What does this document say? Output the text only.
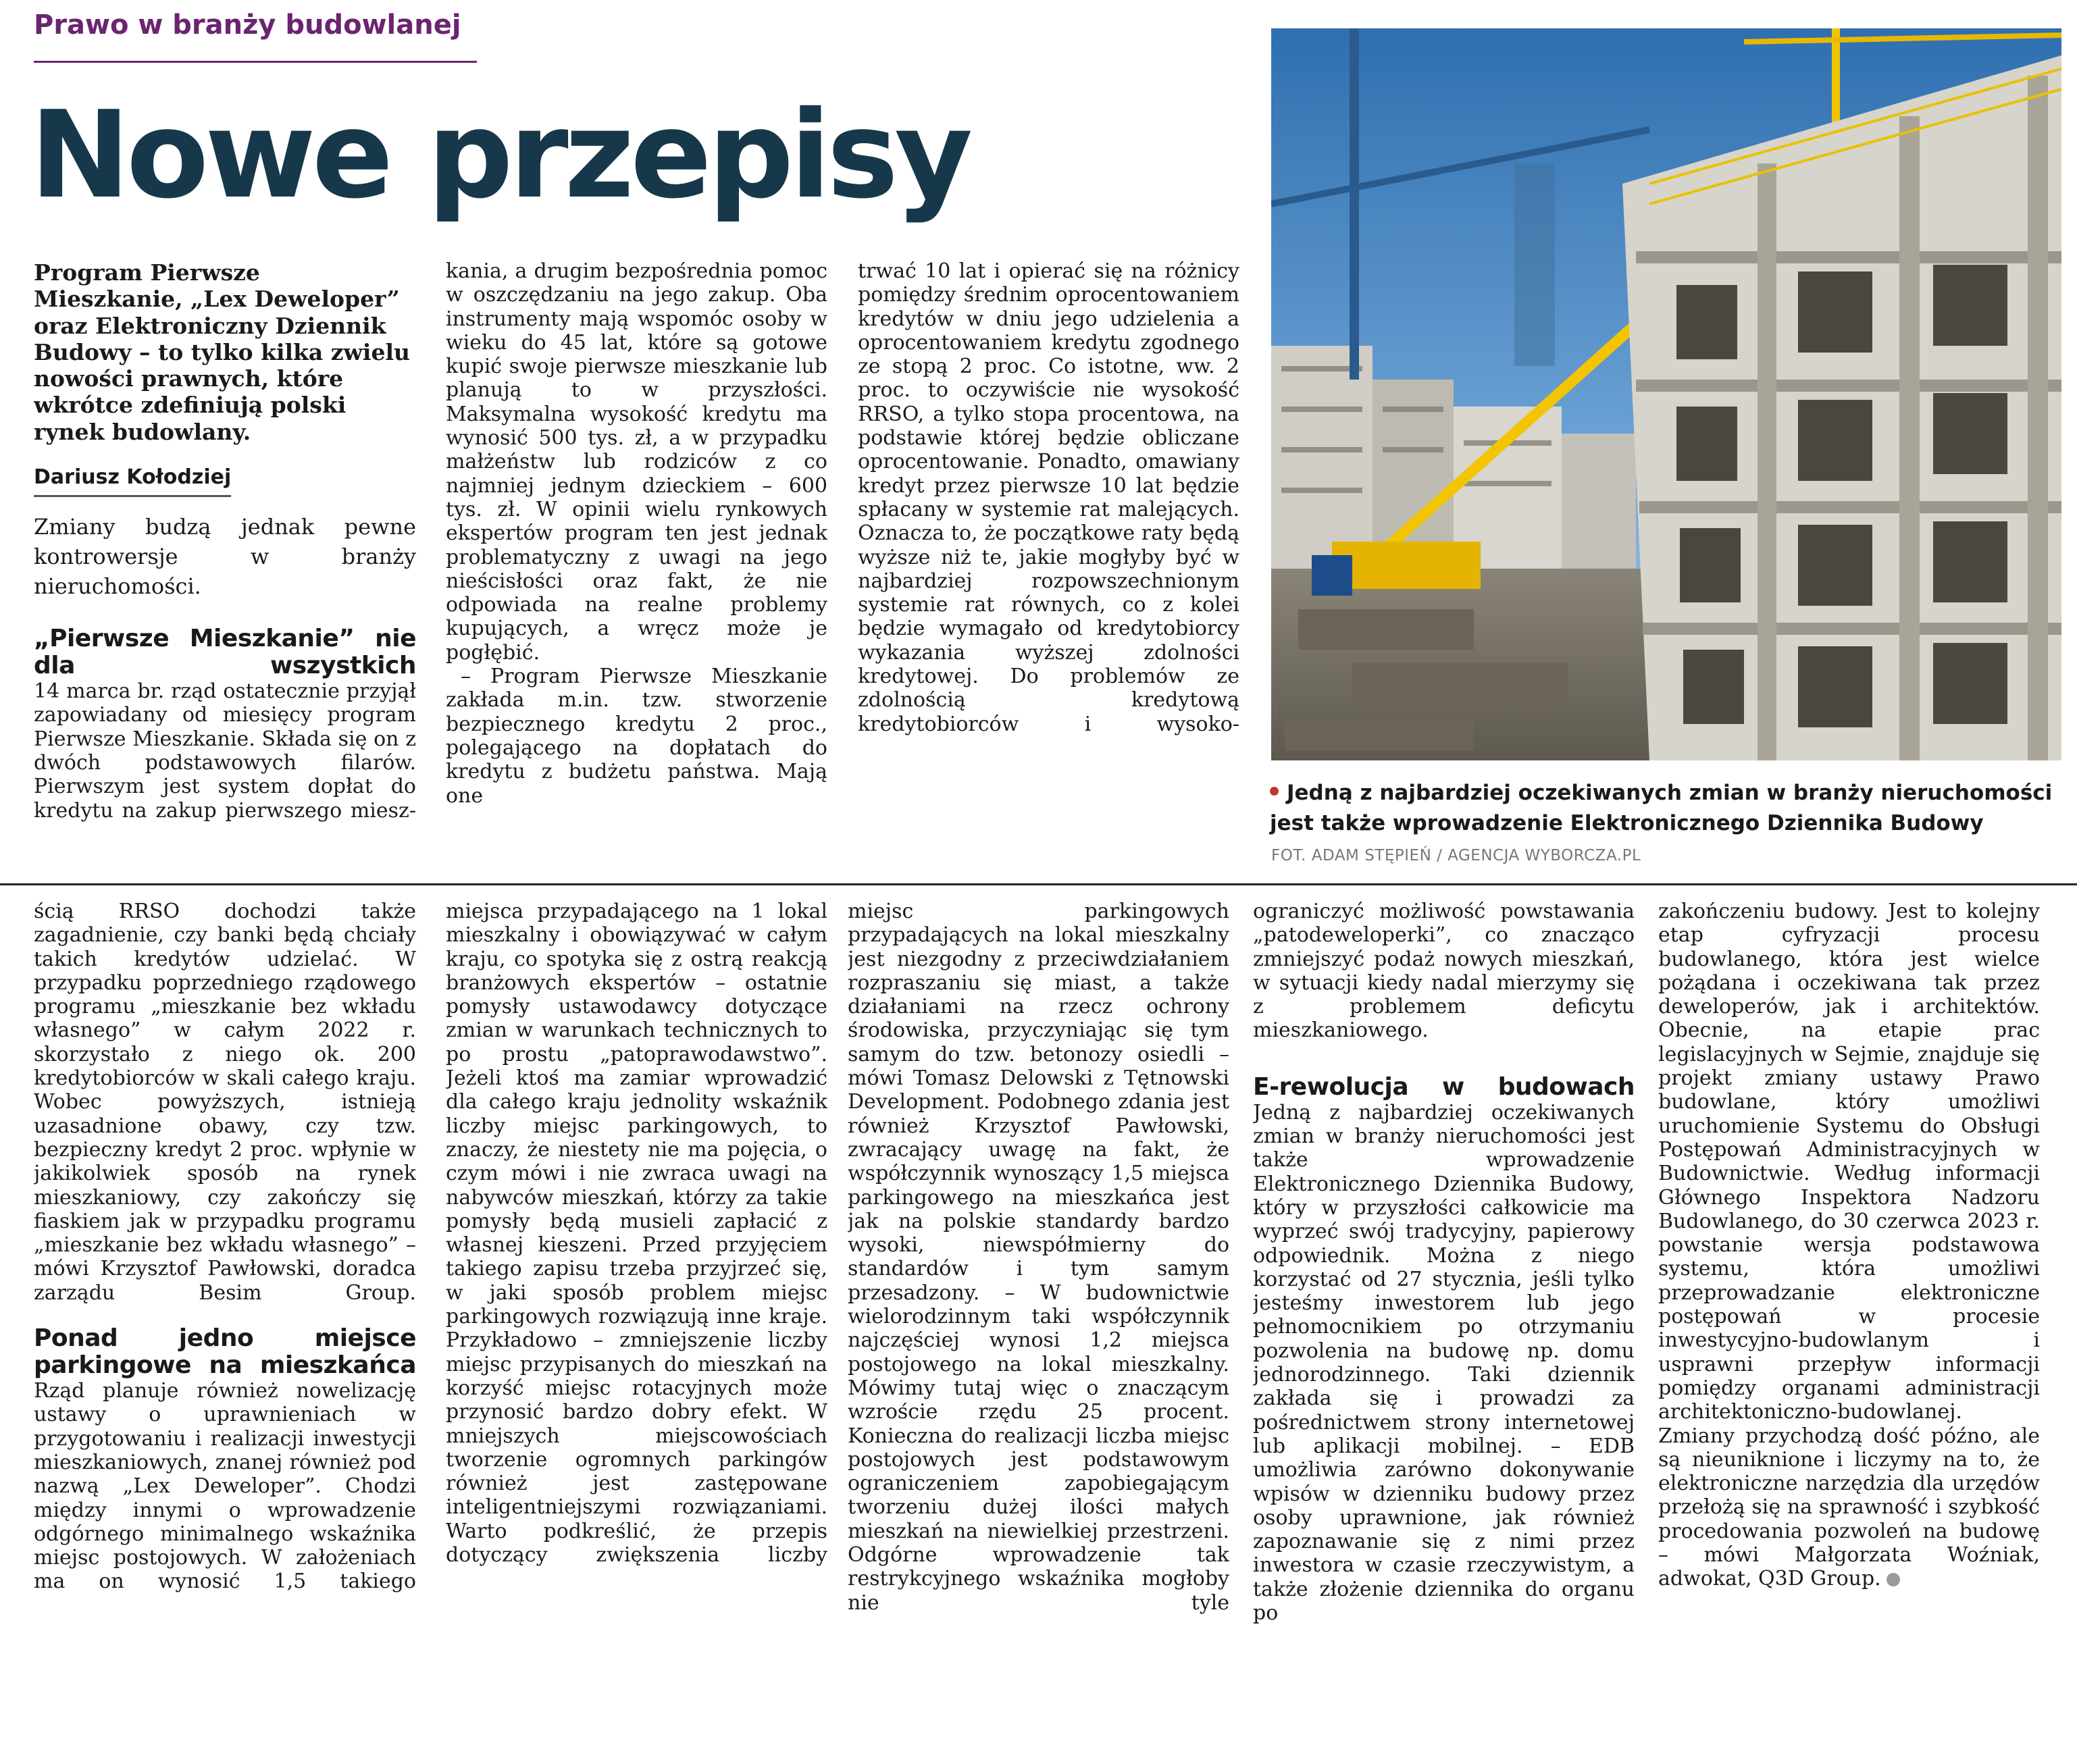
Prawo w branży budowlanej
Nowe przepisy

Program Pierwsze Mieszkanie, „Lex Deweloper” oraz Elektroniczny Dziennik Budowy – to tylko kilka zwielu nowości prawnych, które wkrótce zdefiniują polski rynek budowlany.

Dariusz Kołodziej

Zmiany budzą jednak pewne kontrowersje w branży nieruchomości.

„Pierwsze Mieszkanie” nie dla wszystkich

14 marca br. rząd ostatecznie przyjął zapowiadany od miesięcy program Pierwsze Mieszkanie. Składa się on z dwóch podstawowych filarów. Pierwszym jest system dopłat do kredytu na zakup pierwszego miesz-

kania, a drugim bezpośrednia pomoc w oszczędzaniu na jego zakup. Oba instrumenty mają wspomóc osoby w wieku do 45 lat, które są gotowe kupić swoje pierwsze mieszkanie lub planują to w przyszłości. Maksymalna wysokość kredytu ma wynosić 500 tys. zł, a w przypadku małżeństw lub rodziców z co najmniej jednym dzieckiem – 600 tys. zł. W opinii wielu rynkowych ekspertów program ten jest jednak problematyczny z uwagi na jego nieścisłości oraz fakt, że nie odpowiada na realne problemy kupujących, a wręcz może je pogłębić.

– Program Pierwsze Mieszkanie zakłada m.in. tzw. stworzenie bezpiecznego kredytu 2 proc., polegającego na dopłatach do kredytu z budżetu państwa. Mają one

trwać 10 lat i opierać się na różnicy pomiędzy średnim oprocentowaniem kredytów w dniu jego udzielenia a oprocentowaniem kredytu zgodnego ze stopą 2 proc. Co istotne, ww. 2 proc. to oczywiście nie wysokość RRSO, a tylko stopa procentowa, na podstawie której będzie obliczane oprocentowanie. Ponadto, omawiany kredyt przez pierwsze 10 lat będzie spłacany w systemie rat malejących. Oznacza to, że początkowe raty będą wyższe niż te, jakie mogłyby być w najbardziej rozpowszechnionym systemie rat równych, co z kolei będzie wymagało od kredytobiorcy wykazania wyższej zdolności kredytowej. Do problemów ze zdolnością kredytową kredytobiorców i wysoko-

Jedną z najbardziej oczekiwanych zmian w branży nieruchomości jest także wprowadzenie Elektronicznego Dziennika Budowy
FOT. ADAM STĘPIEŃ / AGENCJA WYBORCZA.PL

ścią RRSO dochodzi także zagadnienie, czy banki będą chciały takich kredytów udzielać. W przypadku poprzedniego rządowego programu „mieszkanie bez wkładu własnego” w całym 2022 r. skorzystało z niego ok. 200 kredytobiorców w skali całego kraju. Wobec powyższych, istnieją uzasadnione obawy, czy tzw. bezpieczny kredyt 2 proc. wpłynie w jakikolwiek sposób na rynek mieszkaniowy, czy zakończy się fiaskiem jak w przypadku programu „mieszkanie bez wkładu własnego” – mówi Krzysztof Pawłowski, doradca zarządu Besim Group.

Ponad jedno miejsce parkingowe na mieszkańca

Rząd planuje również nowelizację ustawy o uprawnieniach w przygotowaniu i realizacji inwestycji mieszkaniowych, znanej również pod nazwą „Lex Deweloper”. Chodzi między innymi o wprowadzenie odgórnego minimalnego wskaźnika miejsc postojowych. W założeniach ma on wynosić 1,5 takiego

miejsca przypadającego na 1 lokal mieszkalny i obowiązywać w całym kraju, co spotyka się z ostrą reakcją branżowych ekspertów – ostatnie pomysły ustawodawcy dotyczące zmian w warunkach technicznych to po prostu „patoprawodawstwo”. Jeżeli ktoś ma zamiar wprowadzić dla całego kraju jednolity wskaźnik liczby miejsc parkingowych, to znaczy, że niestety nie ma pojęcia, o czym mówi i nie zwraca uwagi na nabywców mieszkań, którzy za takie pomysły będą musieli zapłacić z własnej kieszeni. Przed przyjęciem takiego zapisu trzeba przyjrzeć się, w jaki sposób problem miejsc parkingowych rozwiązują inne kraje. Przykładowo – zmniejszenie liczby miejsc przypisanych do mieszkań na korzyść miejsc rotacyjnych może przynosić bardzo dobry efekt. W mniejszych miejscowościach tworzenie ogromnych parkingów również jest zastępowane inteligentniejszymi rozwiązaniami. Warto podkreślić, że przepis dotyczący zwiększenia liczby

miejsc parkingowych przypadających na lokal mieszkalny jest niezgodny z przeciwdziałaniem rozpraszaniu się miast, a także działaniami na rzecz ochrony środowiska, przyczyniając się tym samym do tzw. betonozy osiedli – mówi Tomasz Delowski z Tętnowski Development. Podobnego zdania jest również Krzysztof Pawłowski, zwracający uwagę na fakt, że współczynnik wynoszący 1,5 miejsca parkingowego na mieszkańca jest jak na polskie standardy bardzo wysoki, niewspółmierny do standardów i tym samym przesadzony. – W budownictwie wielorodzinnym taki współczynnik najczęściej wynosi 1,2 miejsca postojowego na lokal mieszkalny. Mówimy tutaj więc o znaczącym wzroście rzędu 25 procent. Konieczna do realizacji liczba miejsc postojowych jest podstawowym ograniczeniem zapobiegającym tworzeniu dużej ilości małych mieszkań na niewielkiej przestrzeni. Odgórne wprowadzenie tak restrykcyjnego wskaźnika mogłoby nie tyle

ograniczyć możliwość powstawania „patodeweloperki”, co znacząco zmniejszyć podaż nowych mieszkań, w sytuacji kiedy nadal mierzymy się z problemem deficytu mieszkaniowego.

E-rewolucja w budowach

Jedną z najbardziej oczekiwanych zmian w branży nieruchomości jest także wprowadzenie Elektronicznego Dziennika Budowy, który w przyszłości całkowicie ma wyprzeć swój tradycyjny, papierowy odpowiednik. Można z niego korzystać od 27 stycznia, jeśli tylko jesteśmy inwestorem lub jego pełnomocnikiem po otrzymaniu pozwolenia na budowę np. domu jednorodzinnego. Taki dziennik zakłada się i prowadzi za pośrednictwem strony internetowej lub aplikacji mobilnej. – EDB umożliwia zarówno dokonywanie wpisów w dzienniku budowy przez osoby uprawnione, jak również zapoznawanie się z nimi przez inwestora w czasie rzeczywistym, a także złożenie dziennika do organu po

zakończeniu budowy. Jest to kolejny etap cyfryzacji procesu budowlanego, która jest wielce pożądana i oczekiwana tak przez deweloperów, jak i architektów. Obecnie, na etapie prac legislacyjnych w Sejmie, znajduje się projekt zmiany ustawy Prawo budowlane, który umożliwi uruchomienie Systemu do Obsługi Postępowań Administracyjnych w Budownictwie. Według informacji Głównego Inspektora Nadzoru Budowlanego, do 30 czerwca 2023 r. powstanie wersja podstawowa systemu, która umożliwi przeprowadzanie elektroniczne postępowań w procesie inwestycyjno-budowlanym i usprawni przepływ informacji pomiędzy organami administracji architektoniczno-budowlanej. Zmiany przychodzą dość późno, ale są nieuniknione i liczymy na to, że elektroniczne narzędzia dla urzędów przełożą się na sprawność i szybkość procedowania pozwoleń na budowę – mówi Małgorzata Woźniak, adwokat, Q3D Group.
